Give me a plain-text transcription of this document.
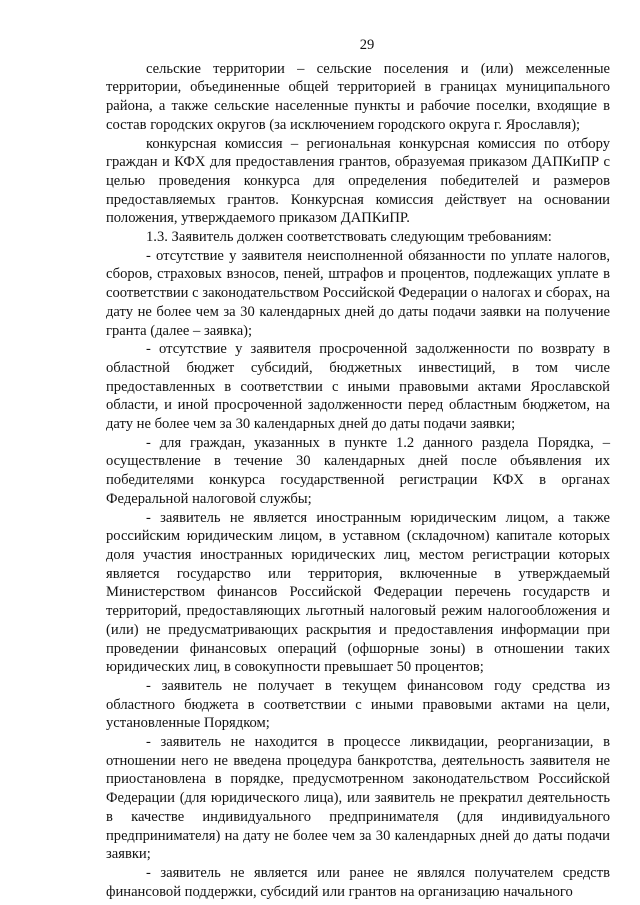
29

сельские территории – сельские поселения и (или) межселенные территории, объединенные общей территорией в границах муниципального района, а также сельские населенные пункты и рабочие поселки, входящие в состав городских округов (за исключением городского округа г. Ярославля);

конкурсная комиссия – региональная конкурсная комиссия по отбору граждан и КФХ для предоставления грантов, образуемая приказом ДАПКиПР с целью проведения конкурса для определения победителей и размеров предоставляемых грантов. Конкурсная комиссия действует на основании положения, утверждаемого приказом ДАПКиПР.

1.3. Заявитель должен соответствовать следующим требованиям:

- отсутствие у заявителя неисполненной обязанности по уплате налогов, сборов, страховых взносов, пеней, штрафов и процентов, подлежащих уплате в соответствии с законодательством Российской Федерации о налогах и сборах, на дату не более чем за 30 календарных дней до даты подачи заявки на получение гранта (далее – заявка);

- отсутствие у заявителя просроченной задолженности по возврату в областной бюджет субсидий, бюджетных инвестиций, в том числе предоставленных в соответствии с иными правовыми актами Ярославской области, и иной просроченной задолженности перед областным бюджетом, на дату не более чем за 30 календарных дней до даты подачи заявки;

- для граждан, указанных в пункте 1.2 данного раздела Порядка, – осуществление в течение 30 календарных дней после объявления их победителями конкурса государственной регистрации КФХ в органах Федеральной налоговой службы;

- заявитель не является иностранным юридическим лицом, а также российским юридическим лицом, в уставном (складочном) капитале которых доля участия иностранных юридических лиц, местом регистрации которых является государство или территория, включенные в утверждаемый Министерством финансов Российской Федерации перечень государств и территорий, предоставляющих льготный налоговый режим налогообложения и (или) не предусматривающих раскрытия и предоставления информации при проведении финансовых операций (офшорные зоны) в отношении таких юридических лиц, в совокупности превышает 50 процентов;

- заявитель не получает в текущем финансовом году средства из областного бюджета в соответствии с иными правовыми актами на цели, установленные Порядком;

- заявитель не находится в процессе ликвидации, реорганизации, в отношении него не введена процедура банкротства, деятельность заявителя не приостановлена в порядке, предусмотренном законодательством Российской Федерации (для юридического лица), или заявитель не прекратил деятельность в качестве индивидуального предпринимателя (для индивидуального предпринимателя) на дату не более чем за 30 календарных дней до даты подачи заявки;

- заявитель не является или ранее не являлся получателем средств финансовой поддержки, субсидий или грантов на организацию начального
